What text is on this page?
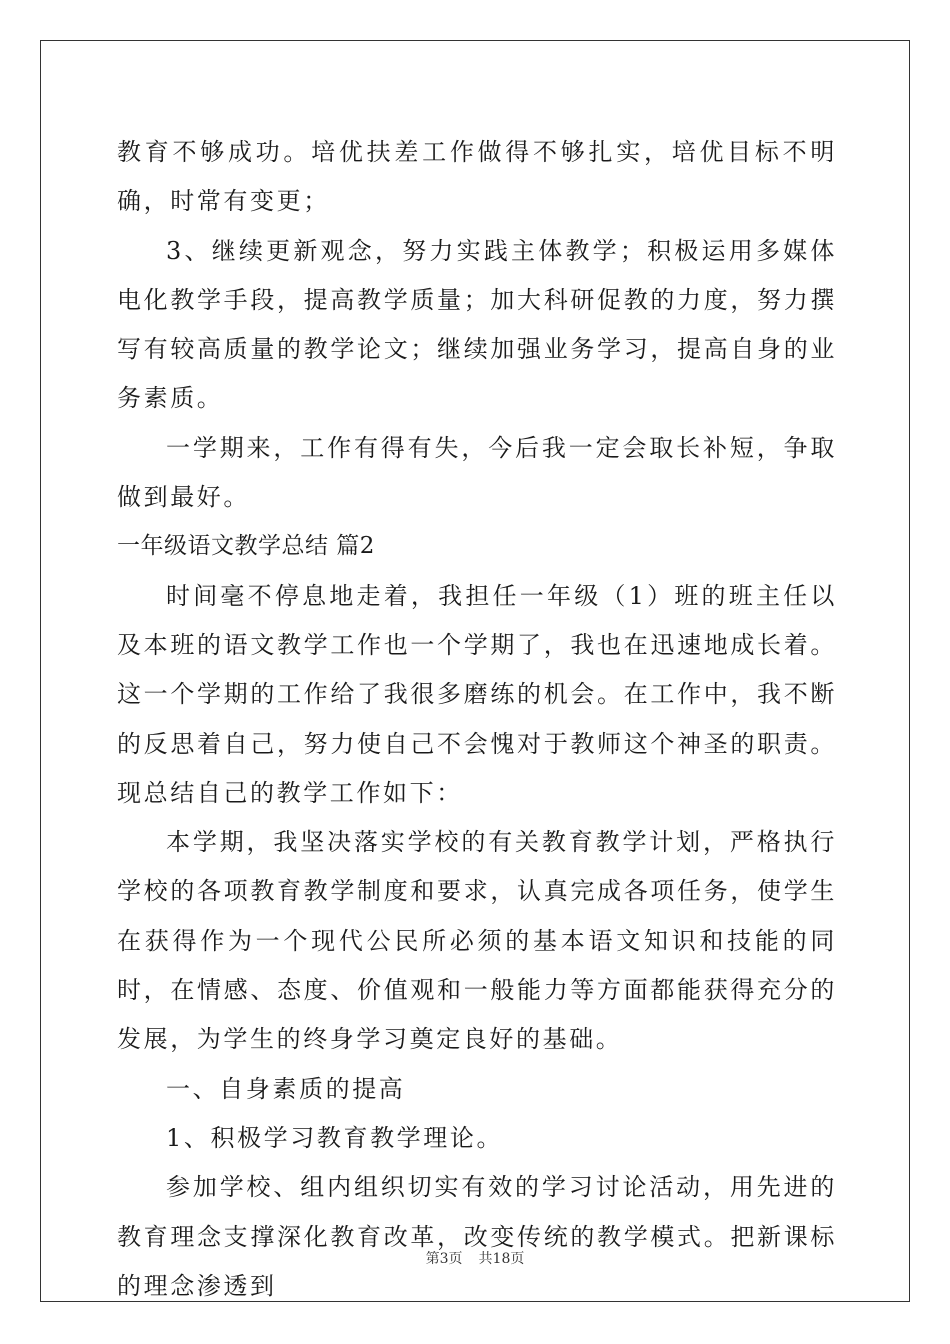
教育不够成功。培优扶差工作做得不够扎实，培优目标不明确，时常有变更；

3、继续更新观念，努力实践主体教学；积极运用多媒体电化教学手段，提高教学质量；加大科研促教的力度，努力撰写有较高质量的教学论文；继续加强业务学习，提高自身的业务素质。

一学期来，工作有得有失，今后我一定会取长补短，争取做到最好。

一年级语文教学总结 篇2

时间毫不停息地走着，我担任一年级（1）班的班主任以及本班的语文教学工作也一个学期了，我也在迅速地成长着。这一个学期的工作给了我很多磨练的机会。在工作中，我不断的反思着自己，努力使自己不会愧对于教师这个神圣的职责。现总结自己的教学工作如下：

本学期，我坚决落实学校的有关教育教学计划，严格执行学校的各项教育教学制度和要求，认真完成各项任务，使学生在获得作为一个现代公民所必须的基本语文知识和技能的同时，在情感、态度、价值观和一般能力等方面都能获得充分的发展，为学生的终身学习奠定良好的基础。

一、自身素质的提高

1、积极学习教育教学理论。

参加学校、组内组织切实有效的学习讨论活动，用先进的教育理念支撑深化教育改革，改变传统的教学模式。把新课标的理念渗透到

第3页 共18页
